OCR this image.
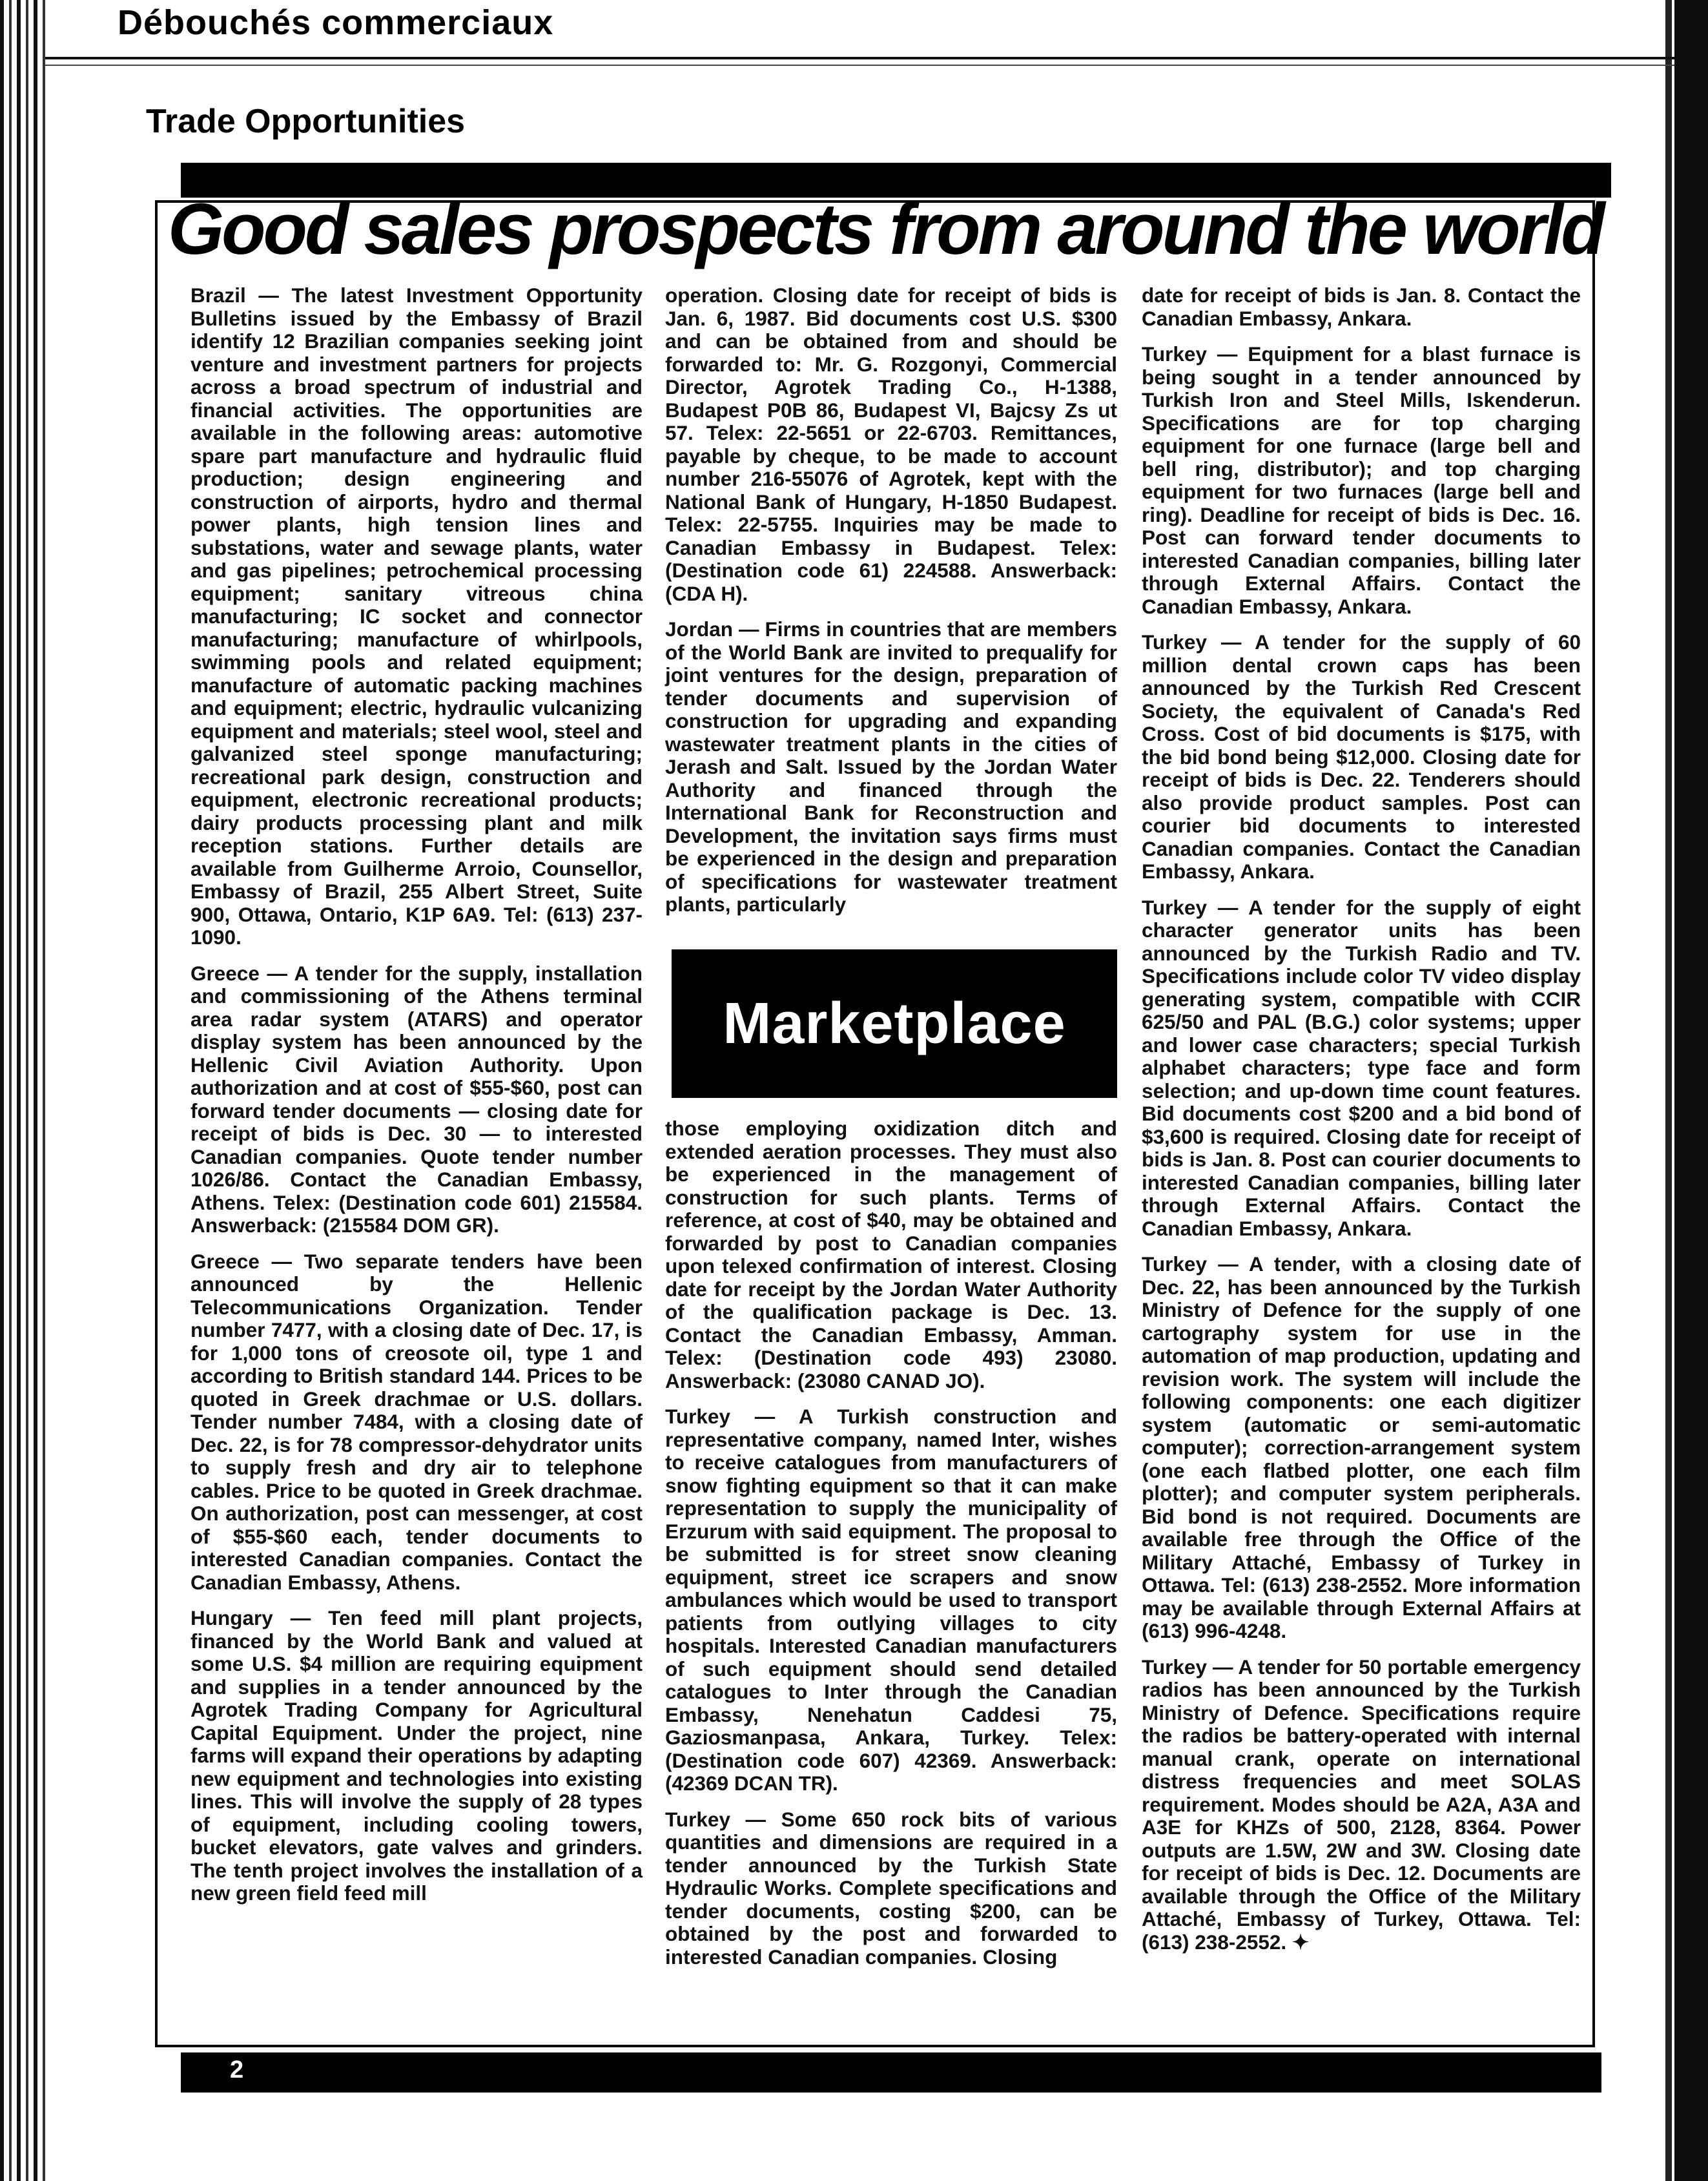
Débouchés commerciaux
Trade Opportunities
Good sales prospects from around the world

Brazil — The latest Investment Opportunity Bulletins issued by the Embassy of Brazil identify 12 Brazilian companies seeking joint venture and investment partners for projects across a broad spectrum of industrial and financial activities. The opportunities are available in the following areas: automotive spare part manufacture and hydraulic fluid production; design engineering and construction of airports, hydro and thermal power plants, high tension lines and substations, water and sewage plants, water and gas pipelines; petrochemical processing equipment; sanitary vitreous china manufacturing; IC socket and connector manufacturing; manufacture of whirlpools, swimming pools and related equipment; manufacture of automatic packing machines and equipment; electric, hydraulic vulcanizing equipment and materials; steel wool, steel and galvanized steel sponge manufacturing; recreational park design, construction and equipment, electronic recreational products; dairy products processing plant and milk reception stations. Further details are available from Guilherme Arroio, Counsellor, Embassy of Brazil, 255 Albert Street, Suite 900, Ottawa, Ontario, K1P 6A9. Tel: (613) 237-1090.

Greece — A tender for the supply, installation and commissioning of the Athens terminal area radar system (ATARS) and operator display system has been announced by the Hellenic Civil Aviation Authority. Upon authorization and at cost of $55-$60, post can forward tender documents — closing date for receipt of bids is Dec. 30 — to interested Canadian companies. Quote tender number 1026/86. Contact the Canadian Embassy, Athens. Telex: (Destination code 601) 215584. Answerback: (215584 DOM GR).

Greece — Two separate tenders have been announced by the Hellenic Telecommunications Organization. Tender number 7477, with a closing date of Dec. 17, is for 1,000 tons of creosote oil, type 1 and according to British standard 144. Prices to be quoted in Greek drachmae or U.S. dollars. Tender number 7484, with a closing date of Dec. 22, is for 78 compressor-dehydrator units to supply fresh and dry air to telephone cables. Price to be quoted in Greek drachmae. On authorization, post can messenger, at cost of $55-$60 each, tender documents to interested Canadian companies. Contact the Canadian Embassy, Athens.

Hungary — Ten feed mill plant projects, financed by the World Bank and valued at some U.S. $4 million are requiring equipment and supplies in a tender announced by the Agrotek Trading Company for Agricultural Capital Equipment. Under the project, nine farms will expand their operations by adapting new equipment and technologies into existing lines. This will involve the supply of 28 types of equipment, including cooling towers, bucket elevators, gate valves and grinders. The tenth project involves the installation of a new green field feed mill

operation. Closing date for receipt of bids is Jan. 6, 1987. Bid documents cost U.S. $300 and can be obtained from and should be forwarded to: Mr. G. Rozgonyi, Commercial Director, Agrotek Trading Co., H-1388, Budapest P0B 86, Budapest VI, Bajcsy Zs ut 57. Telex: 22-5651 or 22-6703. Remittances, payable by cheque, to be made to account number 216-55076 of Agrotek, kept with the National Bank of Hungary, H-1850 Budapest. Telex: 22-5755. Inquiries may be made to Canadian Embassy in Budapest. Telex: (Destination code 61) 224588. Answerback: (CDA H).

Jordan — Firms in countries that are members of the World Bank are invited to prequalify for joint ventures for the design, preparation of tender documents and supervision of construction for upgrading and expanding wastewater treatment plants in the cities of Jerash and Salt. Issued by the Jordan Water Authority and financed through the International Bank for Reconstruction and Development, the invitation says firms must be experienced in the design and preparation of specifications for wastewater treatment plants, particularly

Marketplace

those employing oxidization ditch and extended aeration processes. They must also be experienced in the management of construction for such plants. Terms of reference, at cost of $40, may be obtained and forwarded by post to Canadian companies upon telexed confirmation of interest. Closing date for receipt by the Jordan Water Authority of the qualification package is Dec. 13. Contact the Canadian Embassy, Amman. Telex: (Destination code 493) 23080. Answerback: (23080 CANAD JO).

Turkey — A Turkish construction and representative company, named Inter, wishes to receive catalogues from manufacturers of snow fighting equipment so that it can make representation to supply the municipality of Erzurum with said equipment. The proposal to be submitted is for street snow cleaning equipment, street ice scrapers and snow ambulances which would be used to transport patients from outlying villages to city hospitals. Interested Canadian manufacturers of such equipment should send detailed catalogues to Inter through the Canadian Embassy, Nenehatun Caddesi 75, Gaziosmanpasa, Ankara, Turkey. Telex: (Destination code 607) 42369. Answerback: (42369 DCAN TR).

Turkey — Some 650 rock bits of various quantities and dimensions are required in a tender announced by the Turkish State Hydraulic Works. Complete specifications and tender documents, costing $200, can be obtained by the post and forwarded to interested Canadian companies. Closing

date for receipt of bids is Jan. 8. Contact the Canadian Embassy, Ankara.

Turkey — Equipment for a blast furnace is being sought in a tender announced by Turkish Iron and Steel Mills, Iskenderun. Specifications are for top charging equipment for one furnace (large bell and bell ring, distributor); and top charging equipment for two furnaces (large bell and ring). Deadline for receipt of bids is Dec. 16. Post can forward tender documents to interested Canadian companies, billing later through External Affairs. Contact the Canadian Embassy, Ankara.

Turkey — A tender for the supply of 60 million dental crown caps has been announced by the Turkish Red Crescent Society, the equivalent of Canada's Red Cross. Cost of bid documents is $175, with the bid bond being $12,000. Closing date for receipt of bids is Dec. 22. Tenderers should also provide product samples. Post can courier bid documents to interested Canadian companies. Contact the Canadian Embassy, Ankara.

Turkey — A tender for the supply of eight character generator units has been announced by the Turkish Radio and TV. Specifications include color TV video display generating system, compatible with CCIR 625/50 and PAL (B.G.) color systems; upper and lower case characters; special Turkish alphabet characters; type face and form selection; and up-down time count features. Bid documents cost $200 and a bid bond of $3,600 is required. Closing date for receipt of bids is Jan. 8. Post can courier documents to interested Canadian companies, billing later through External Affairs. Contact the Canadian Embassy, Ankara.

Turkey — A tender, with a closing date of Dec. 22, has been announced by the Turkish Ministry of Defence for the supply of one cartography system for use in the automation of map production, updating and revision work. The system will include the following components: one each digitizer system (automatic or semi-automatic computer); correction-arrangement system (one each flatbed plotter, one each film plotter); and computer system peripherals. Bid bond is not required. Documents are available free through the Office of the Military Attaché, Embassy of Turkey in Ottawa. Tel: (613) 238-2552. More information may be available through External Affairs at (613) 996-4248.

Turkey — A tender for 50 portable emergency radios has been announced by the Turkish Ministry of Defence. Specifications require the radios be battery-operated with internal manual crank, operate on international distress frequencies and meet SOLAS requirement. Modes should be A2A, A3A and A3E for KHZs of 500, 2128, 8364. Power outputs are 1.5W, 2W and 3W. Closing date for receipt of bids is Dec. 12. Documents are available through the Office of the Military Attaché, Embassy of Turkey, Ottawa. Tel: (613) 238-2552. ✦

2
